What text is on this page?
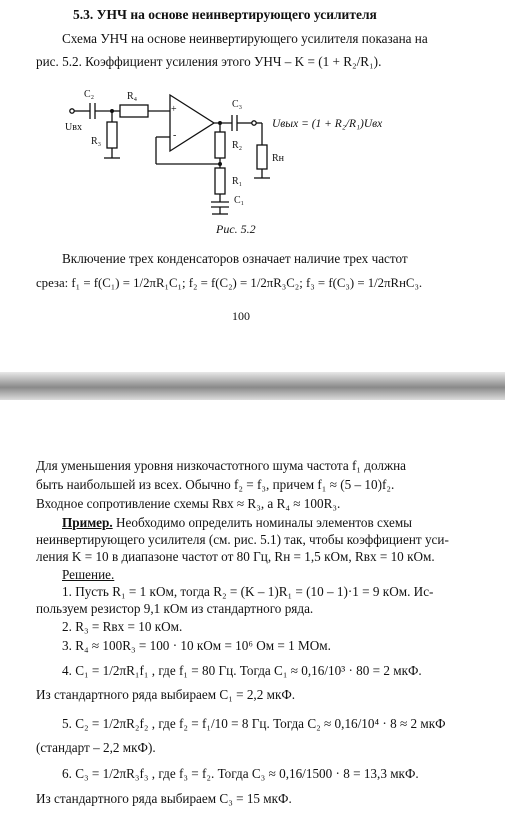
5.3. УНЧ на основе неинвертирующего усилителя
Схема УНЧ на основе неинвертирующего усилителя показана на
рис. 5.2. Коэффициент усиления этого УНЧ – K = (1 + R₂/R₁).
C₂	R₄
Uвх
R₃
+
-
C₃
R₂
Rн
R₁
C₁
Uвых = (1 + R₂/R₁)Uвх
Рис. 5.2
Включение трех конденсаторов означает наличие трех частот
среза: f₁ = f(C₁) = 1/2πR₁C₁; f₂ = f(C₂) = 1/2πR₃C₂; f₃ = f(C₃) = 1/2πRнC₃.
100
Для уменьшения уровня низкочастотного шума частота f₁ должна
быть наибольшей из всех. Обычно f₂ = f₃, причем f₁ ≈ (5 – 10)f₂.
Входное сопротивление схемы Rвх ≈ R₃, а R₄ ≈ 100R₃.
Пример. Необходимо определить номиналы элементов схемы
неинвертирующего усилителя (см. рис. 5.1) так, чтобы коэффициент уси-
ления K = 10 в диапазоне частот от 80 Гц, Rн = 1,5 кОм, Rвх = 10 кОм.
Решение.
1. Пусть R₁ = 1 кОм, тогда R₂ = (K – 1)R₁ = (10 – 1)·1 = 9 кОм. Ис-
пользуем резистор 9,1 кОм из стандартного ряда.
2. R₃ = Rвх = 10 кОм.
3. R₄ ≈ 100R₃ = 100 · 10 кОм = 10⁶ Ом = 1 МОм.
4. C₁ = 1/2πR₁f₁ , где f₁ = 80 Гц. Тогда C₁ ≈ 0,16/10³ · 80 = 2 мкФ.
Из стандартного ряда выбираем C₁ = 2,2 мкФ.
5. C₂ = 1/2πR₂f₂ , где f₂ = f₁/10 = 8 Гц. Тогда C₂ ≈ 0,16/10⁴ · 8 ≈ 2 мкФ
(стандарт – 2,2 мкФ).
6. C₃ = 1/2πR₃f₃ , где f₃ = f₂. Тогда C₃ ≈ 0,16/1500 · 8 = 13,3 мкФ.
Из стандартного ряда выбираем C₃ = 15 мкФ.
